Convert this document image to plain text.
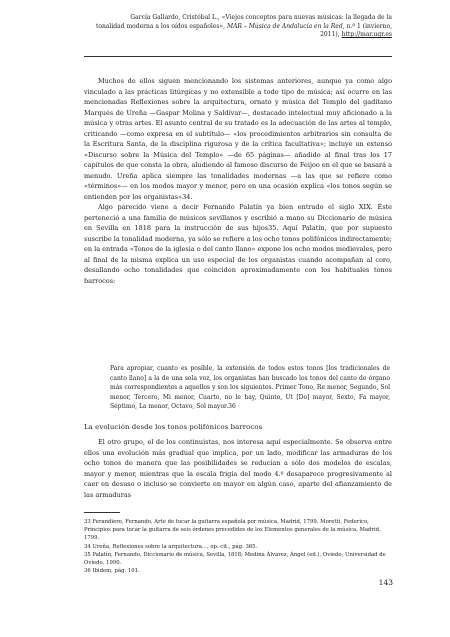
García Gallardo, Cristóbal L., «Viejos conceptos para nuevas músicas: la llegada de la
tonalidad moderna a los oídos españoles», MAR – Música de Andalucía en la Red, n.º 1 (invierno,
2011), http://mar.ugr.es

Muchos de ellos siguen mencionando los sistemas anteriores, aunque ya como algo vinculado a las prácticas litúrgicas y no extensible a todo tipo de música; así ocurre en las mencionadas Reflexiones sobre la arquitectura, ornato y música del Templo del gaditano Marqués de Ureña —Gaspar Molina y Saldívar—, destacado intelectual muy aficionado a la música y otras artes. El asunto central de su tratado es la adecuación de las artes al templo, criticando —como expresa en el subtítulo— «los procedimientos arbitrarios sin consulta de la Escritura Santa, de la disciplina rigurosa y de la crítica facultativa»; incluye un extenso «Discurso sobre la Música del Templo» —de 65 páginas— añadido al final tras los 17 capítulos de que consta la obra, aludiendo al famoso discurso de Feijoo en el que se basará a menudo. Ureña aplica siempre las tonalidades modernas —a las que se refiere como «términos»— en los modos mayor y menor, pero en una ocasión explica «los tonos según se entienden por los organistas»34.

Algo parecido viene a decir Fernando Palatín ya bien entrado el siglo XIX. Éste perteneció a una familia de músicos sevillanos y escribió a mano su Diccionario de música en Sevilla en 1818 para la instrucción de sus hijos35. Aquí Palatín, que por supuesto suscribe la tonalidad moderna, ya sólo se refiere a los ocho tonos polifónicos indirectamente; en la entrada «Tonos de la iglesia o del canto llano» expone los ocho modos medievales, pero al final de la misma explica un uso especial de los organistas cuando acompañan al coro, desallando ocho tonalidades que coinciden aproximadamente con los habituales tonos barrocos:

Para apropiar, cuanto es posible, la extensión de todos estos tonos [los tradicionales de canto llano] a la de una sola voz, los organistas han buscado los tonos del canto de órgano más correspondientes a aquellos y son los siguientes. Primer Tono, Re menor, Segundo, Sol menor, Tercero, Mi menor, Cuarto, no le hay, Quinto, Ut [Do] mayor, Sexto, Fa mayor, Séptimo, La menor, Octavo, Sol mayor.36
La evolución desde los tonos polifónicos barrocos

El otro grupo, el de los continuistas, nos interesa aquí especialmente. Se observa entre ellos una evolución más gradual que implica, por un lado, modificar las armaduras de los ocho tonos de manera que las posibilidades se reducían a sólo dos modelos de escalas, mayor y menor, mientras que la escala frigia del modo 4.º desaparece progresivamente al caer en desuso o incluso se convierte en mayor en algún caso, aparte del afianzamiento de las armaduras

33 Ferandiere, Fernando, Arte de tocar la guitarra española por música, Madrid, 1799. Moretti, Federico, Principios para tocar la guitarra de seis órdenes precedidos de los Elementos generales de la música, Madrid, 1799.

34 Ureña, Reflexiones sobre la arquitectura..., op. cit., pág. 365.

35 Palatín, Fernando, Diccionario de música, Sevilla, 1818; Medina Álvarez, Ángel (ed.), Oviedo, Universidad de Oviedo, 1990.

36 Ibidem, pág. 101.

143
